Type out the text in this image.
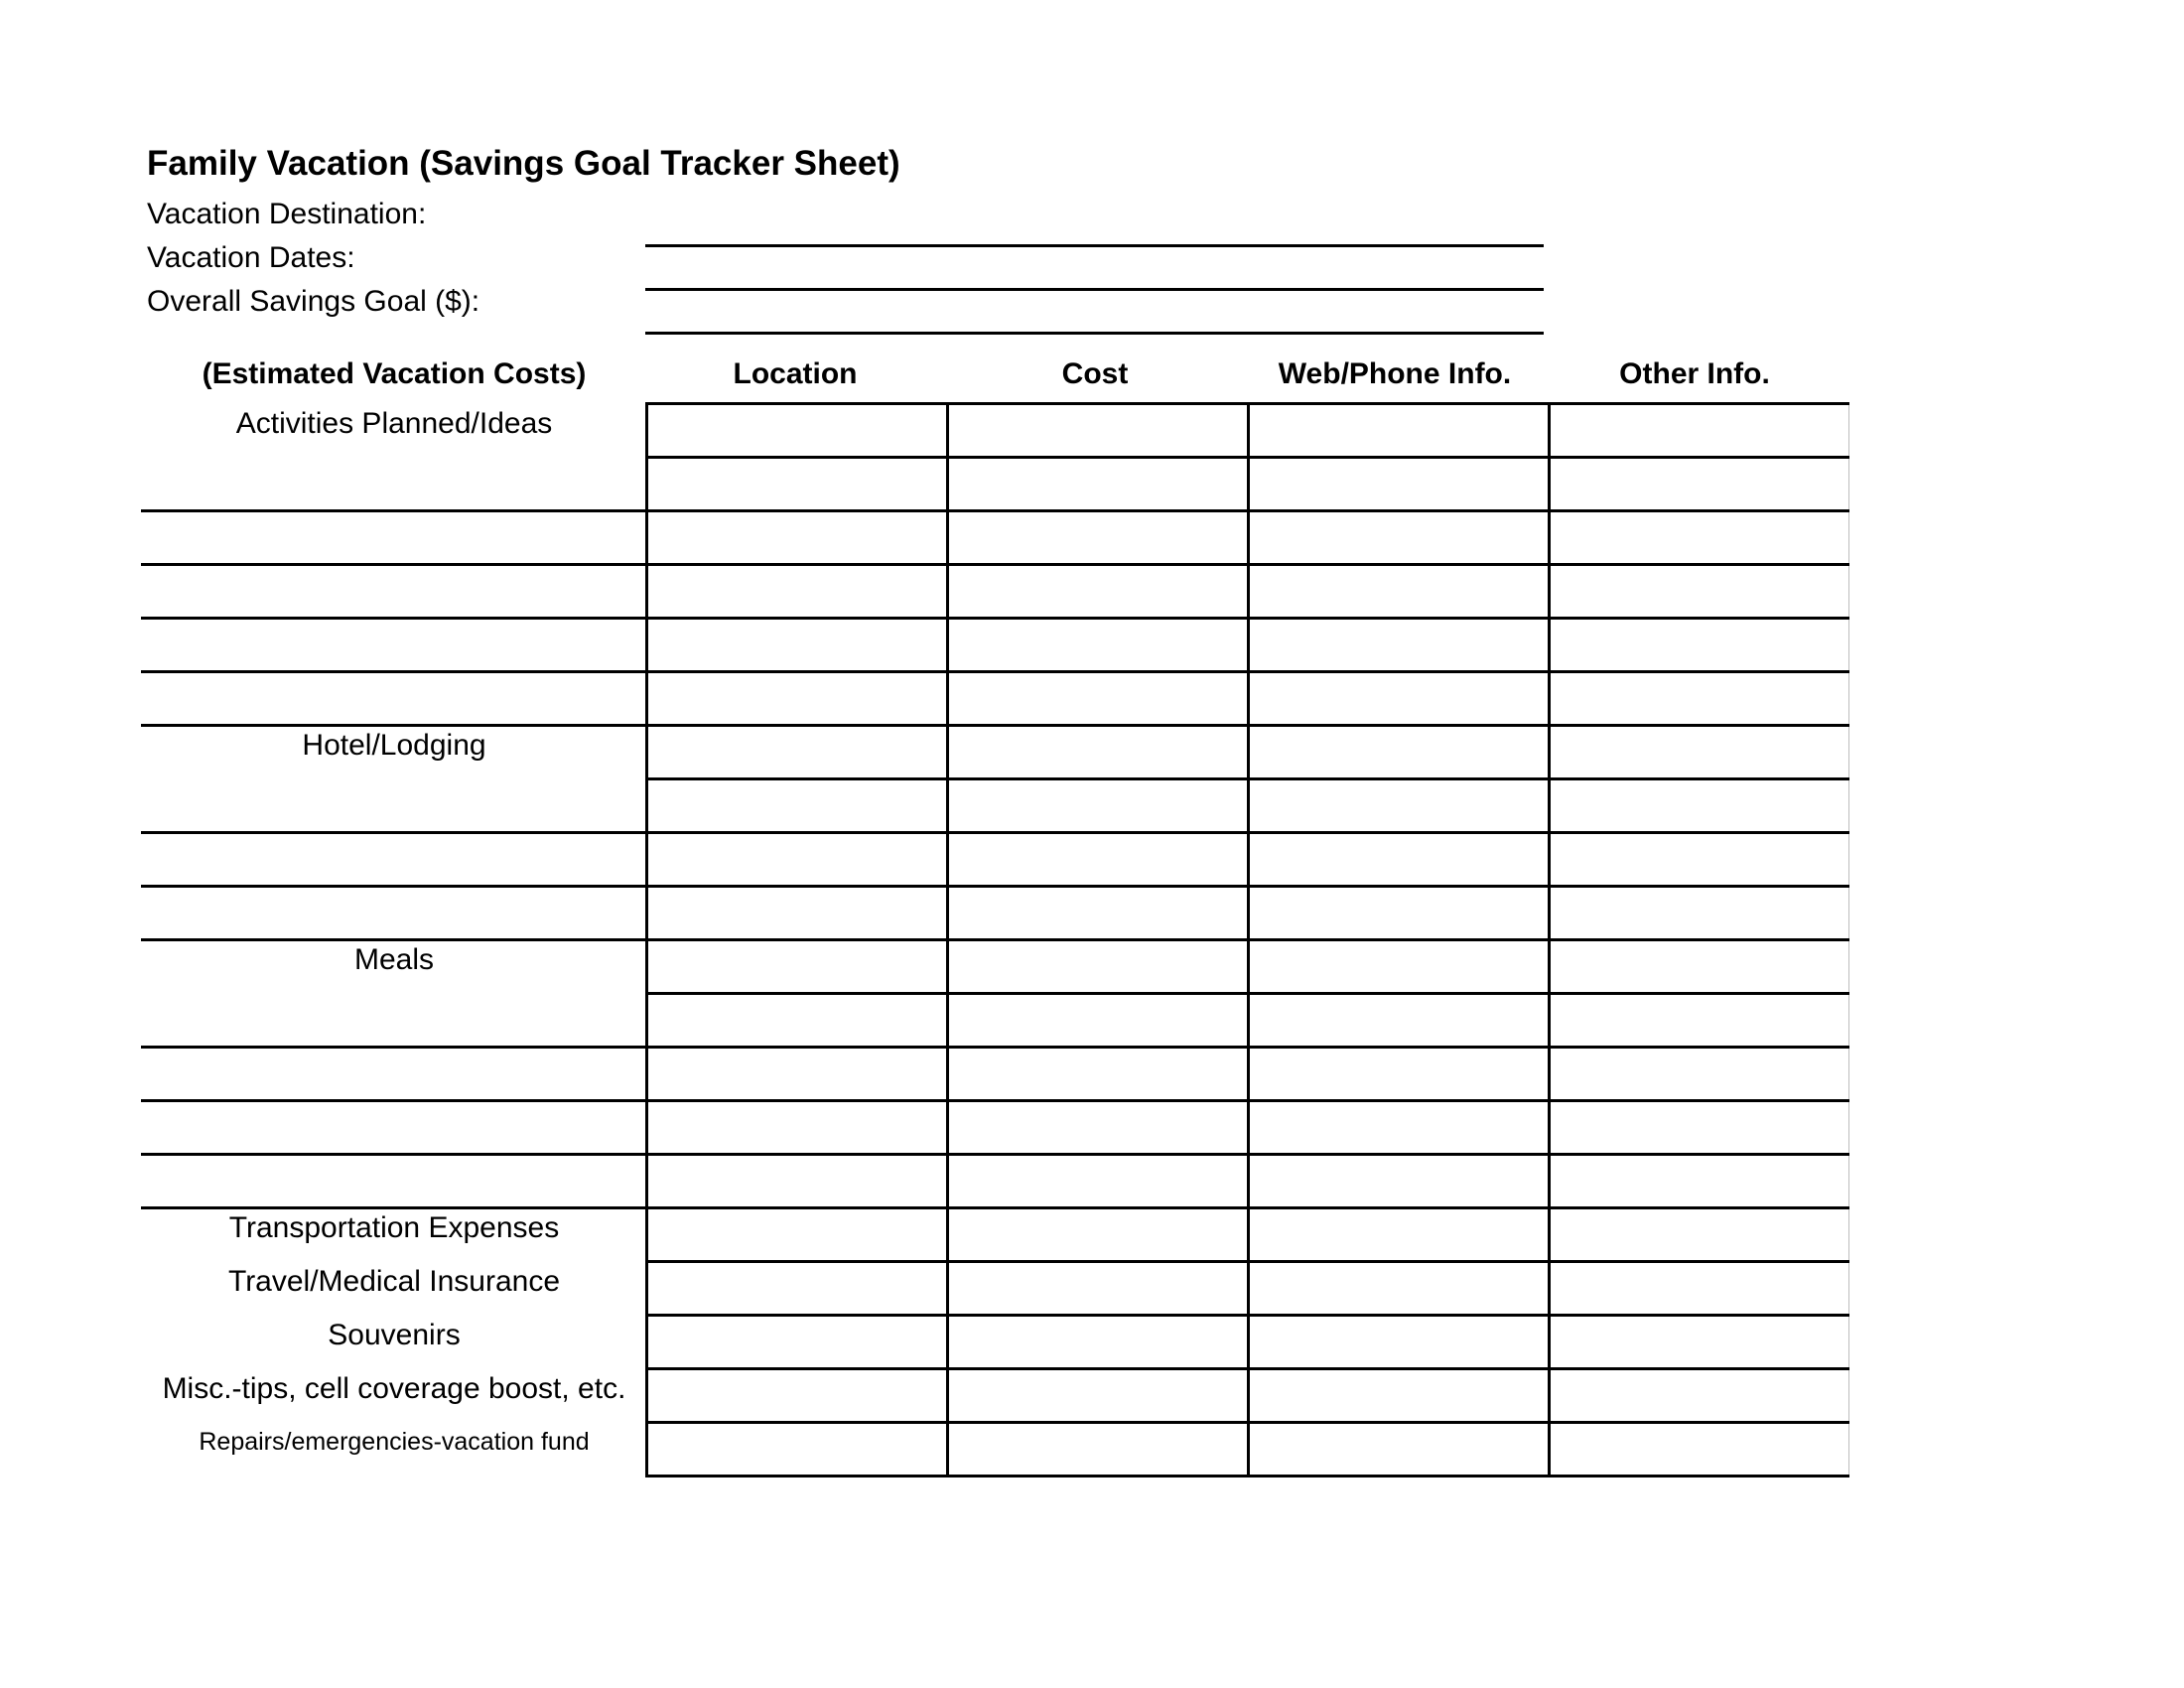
Family Vacation (Savings Goal Tracker Sheet)
Vacation Destination:
Vacation Dates:
Overall Savings Goal ($):
(Estimated Vacation Costs)	Location	Cost	Web/Phone Info.	Other Info.

Activities Planned/Ideas
Hotel/Lodging
Meals
Transportation Expenses
Travel/Medical Insurance
Souvenirs
Misc.-tips, cell coverage boost, etc.
Repairs/emergencies-vacation fund
